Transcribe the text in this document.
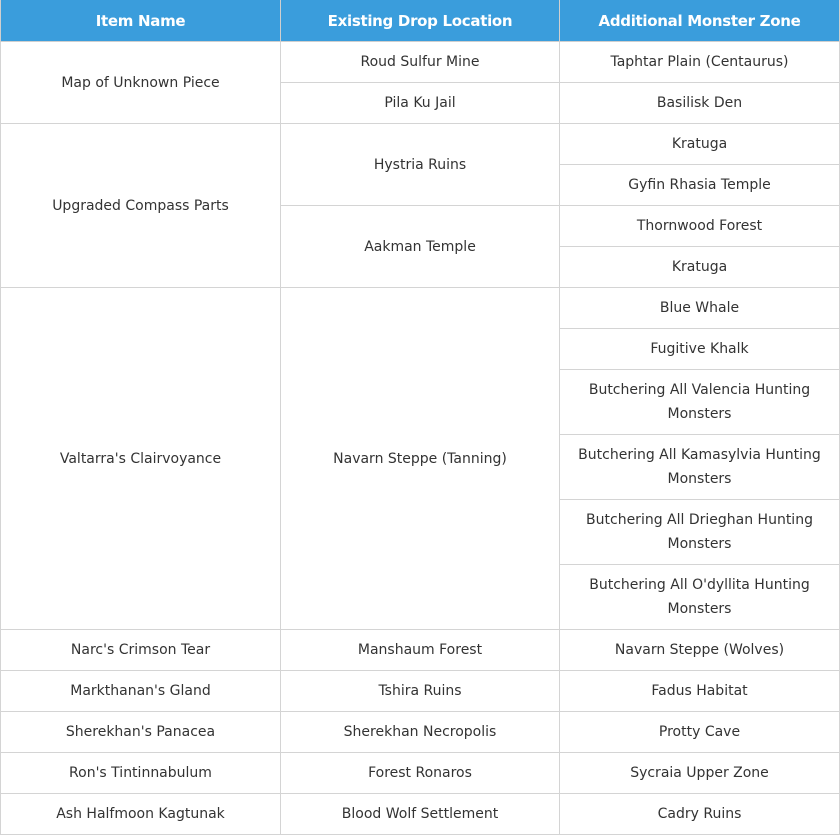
Item Name	Existing Drop Location	Additional Monster Zone
Map of Unknown Piece	Roud Sulfur Mine	Taphtar Plain (Centaurus)
	Pila Ku Jail	Basilisk Den
Upgraded Compass Parts	Hystria Ruins	Kratuga
		Gyfin Rhasia Temple
	Aakman Temple	Thornwood Forest
		Kratuga
Valtarra's Clairvoyance	Navarn Steppe (Tanning)	Blue Whale
		Fugitive Khalk
		Butchering All Valencia Hunting Monsters
		Butchering All Kamasylvia Hunting Monsters
		Butchering All Drieghan Hunting Monsters
		Butchering All O'dyllita Hunting Monsters
Narc's Crimson Tear	Manshaum Forest	Navarn Steppe (Wolves)
Markthanan's Gland	Tshira Ruins	Fadus Habitat
Sherekhan's Panacea	Sherekhan Necropolis	Protty Cave
Ron's Tintinnabulum	Forest Ronaros	Sycraia Upper Zone
Ash Halfmoon Kagtunak	Blood Wolf Settlement	Cadry Ruins
